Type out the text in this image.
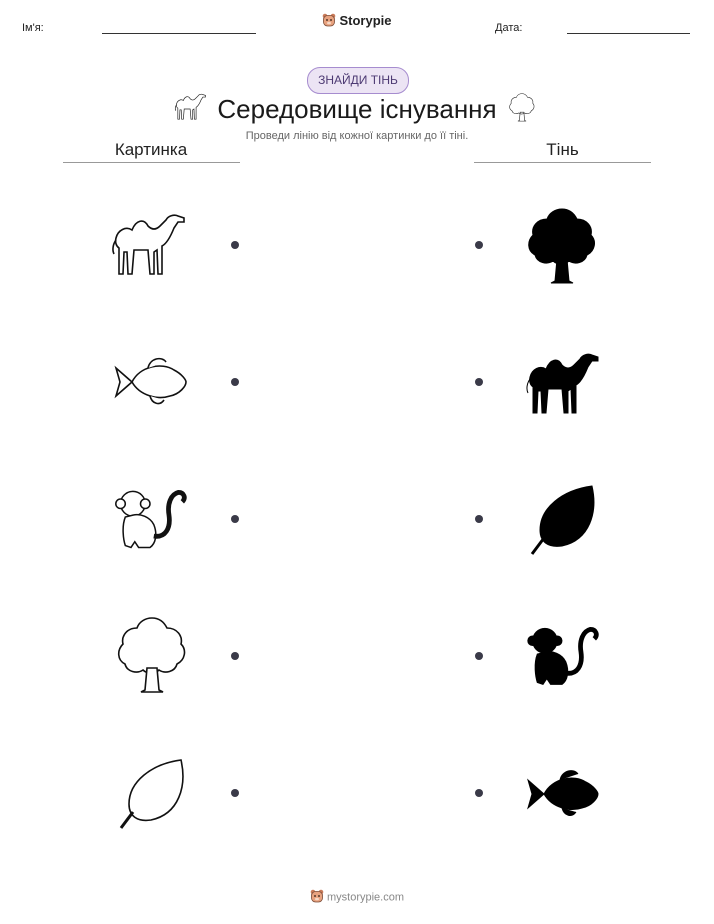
Ім'я:	Storypie	Дата:
ЗНАЙДИ ТІНЬ
Середовище існування
Проведи лінію від кожної картинки до її тіні.
Картинка	Тінь
mystorypie.com
